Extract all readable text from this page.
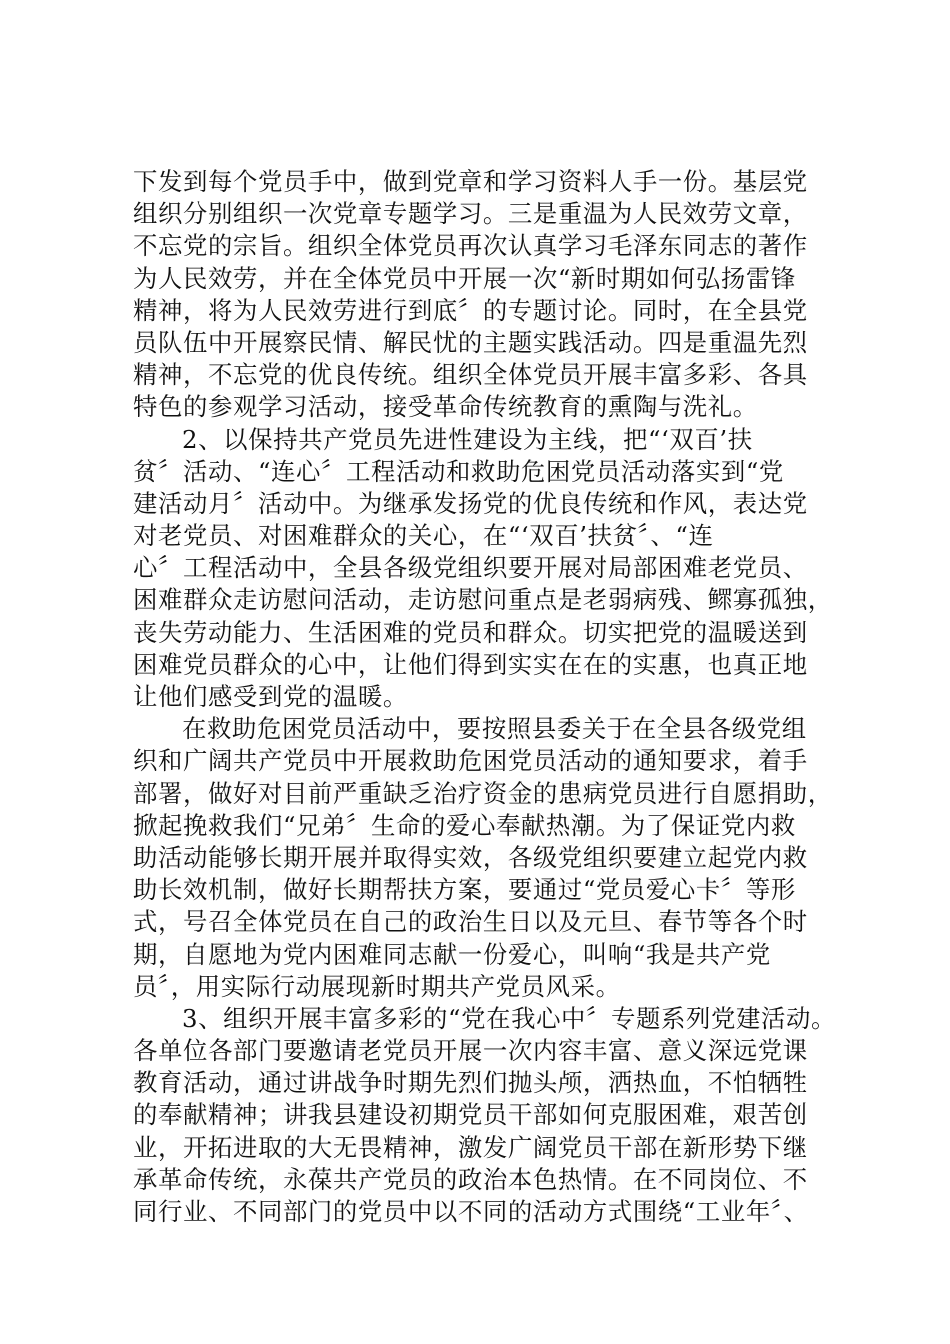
下发到每个党员手中，做到党章和学习资料人手一份。基层党
组织分别组织一次党章专题学习。三是重温为人民效劳文章，
不忘党的宗旨。组织全体党员再次认真学习毛泽东同志的著作
为人民效劳，并在全体党员中开展一次“新时期如何弘扬雷锋
精神，将为人民效劳进行到底〞的专题讨论。同时，在全县党
员队伍中开展察民情、解民忧的主题实践活动。四是重温先烈
精神，不忘党的优良传统。组织全体党员开展丰富多彩、各具
特色的参观学习活动，接受革命传统教育的熏陶与洗礼。
2、以保持共产党员先进性建设为主线，把“‘双百’扶
贫〞活动、“连心〞工程活动和救助危困党员活动落实到“党
建活动月〞活动中。为继承发扬党的优良传统和作风，表达党
对老党员、对困难群众的关心，在“‘双百’扶贫〞、“连
心〞工程活动中，全县各级党组织要开展对局部困难老党员、
困难群众走访慰问活动，走访慰问重点是老弱病残、鳏寡孤独，
丧失劳动能力、生活困难的党员和群众。切实把党的温暖送到
困难党员群众的心中，让他们得到实实在在的实惠，也真正地
让他们感受到党的温暖。
在救助危困党员活动中，要按照县委关于在全县各级党组
织和广阔共产党员中开展救助危困党员活动的通知要求，着手
部署，做好对目前严重缺乏治疗资金的患病党员进行自愿捐助，
掀起挽救我们“兄弟〞生命的爱心奉献热潮。为了保证党内救
助活动能够长期开展并取得实效，各级党组织要建立起党内救
助长效机制，做好长期帮扶方案，要通过“党员爱心卡〞等形
式，号召全体党员在自己的政治生日以及元旦、春节等各个时
期，自愿地为党内困难同志献一份爱心，叫响“我是共产党
员〞，用实际行动展现新时期共产党员风采。
3、组织开展丰富多彩的“党在我心中〞专题系列党建活动。
各单位各部门要邀请老党员开展一次内容丰富、意义深远党课
教育活动，通过讲战争时期先烈们抛头颅，洒热血，不怕牺牲
的奉献精神；讲我县建设初期党员干部如何克服困难，艰苦创
业，开拓进取的大无畏精神，激发广阔党员干部在新形势下继
承革命传统，永葆共产党员的政治本色热情。在不同岗位、不
同行业、不同部门的党员中以不同的活动方式围绕“工业年〞、
